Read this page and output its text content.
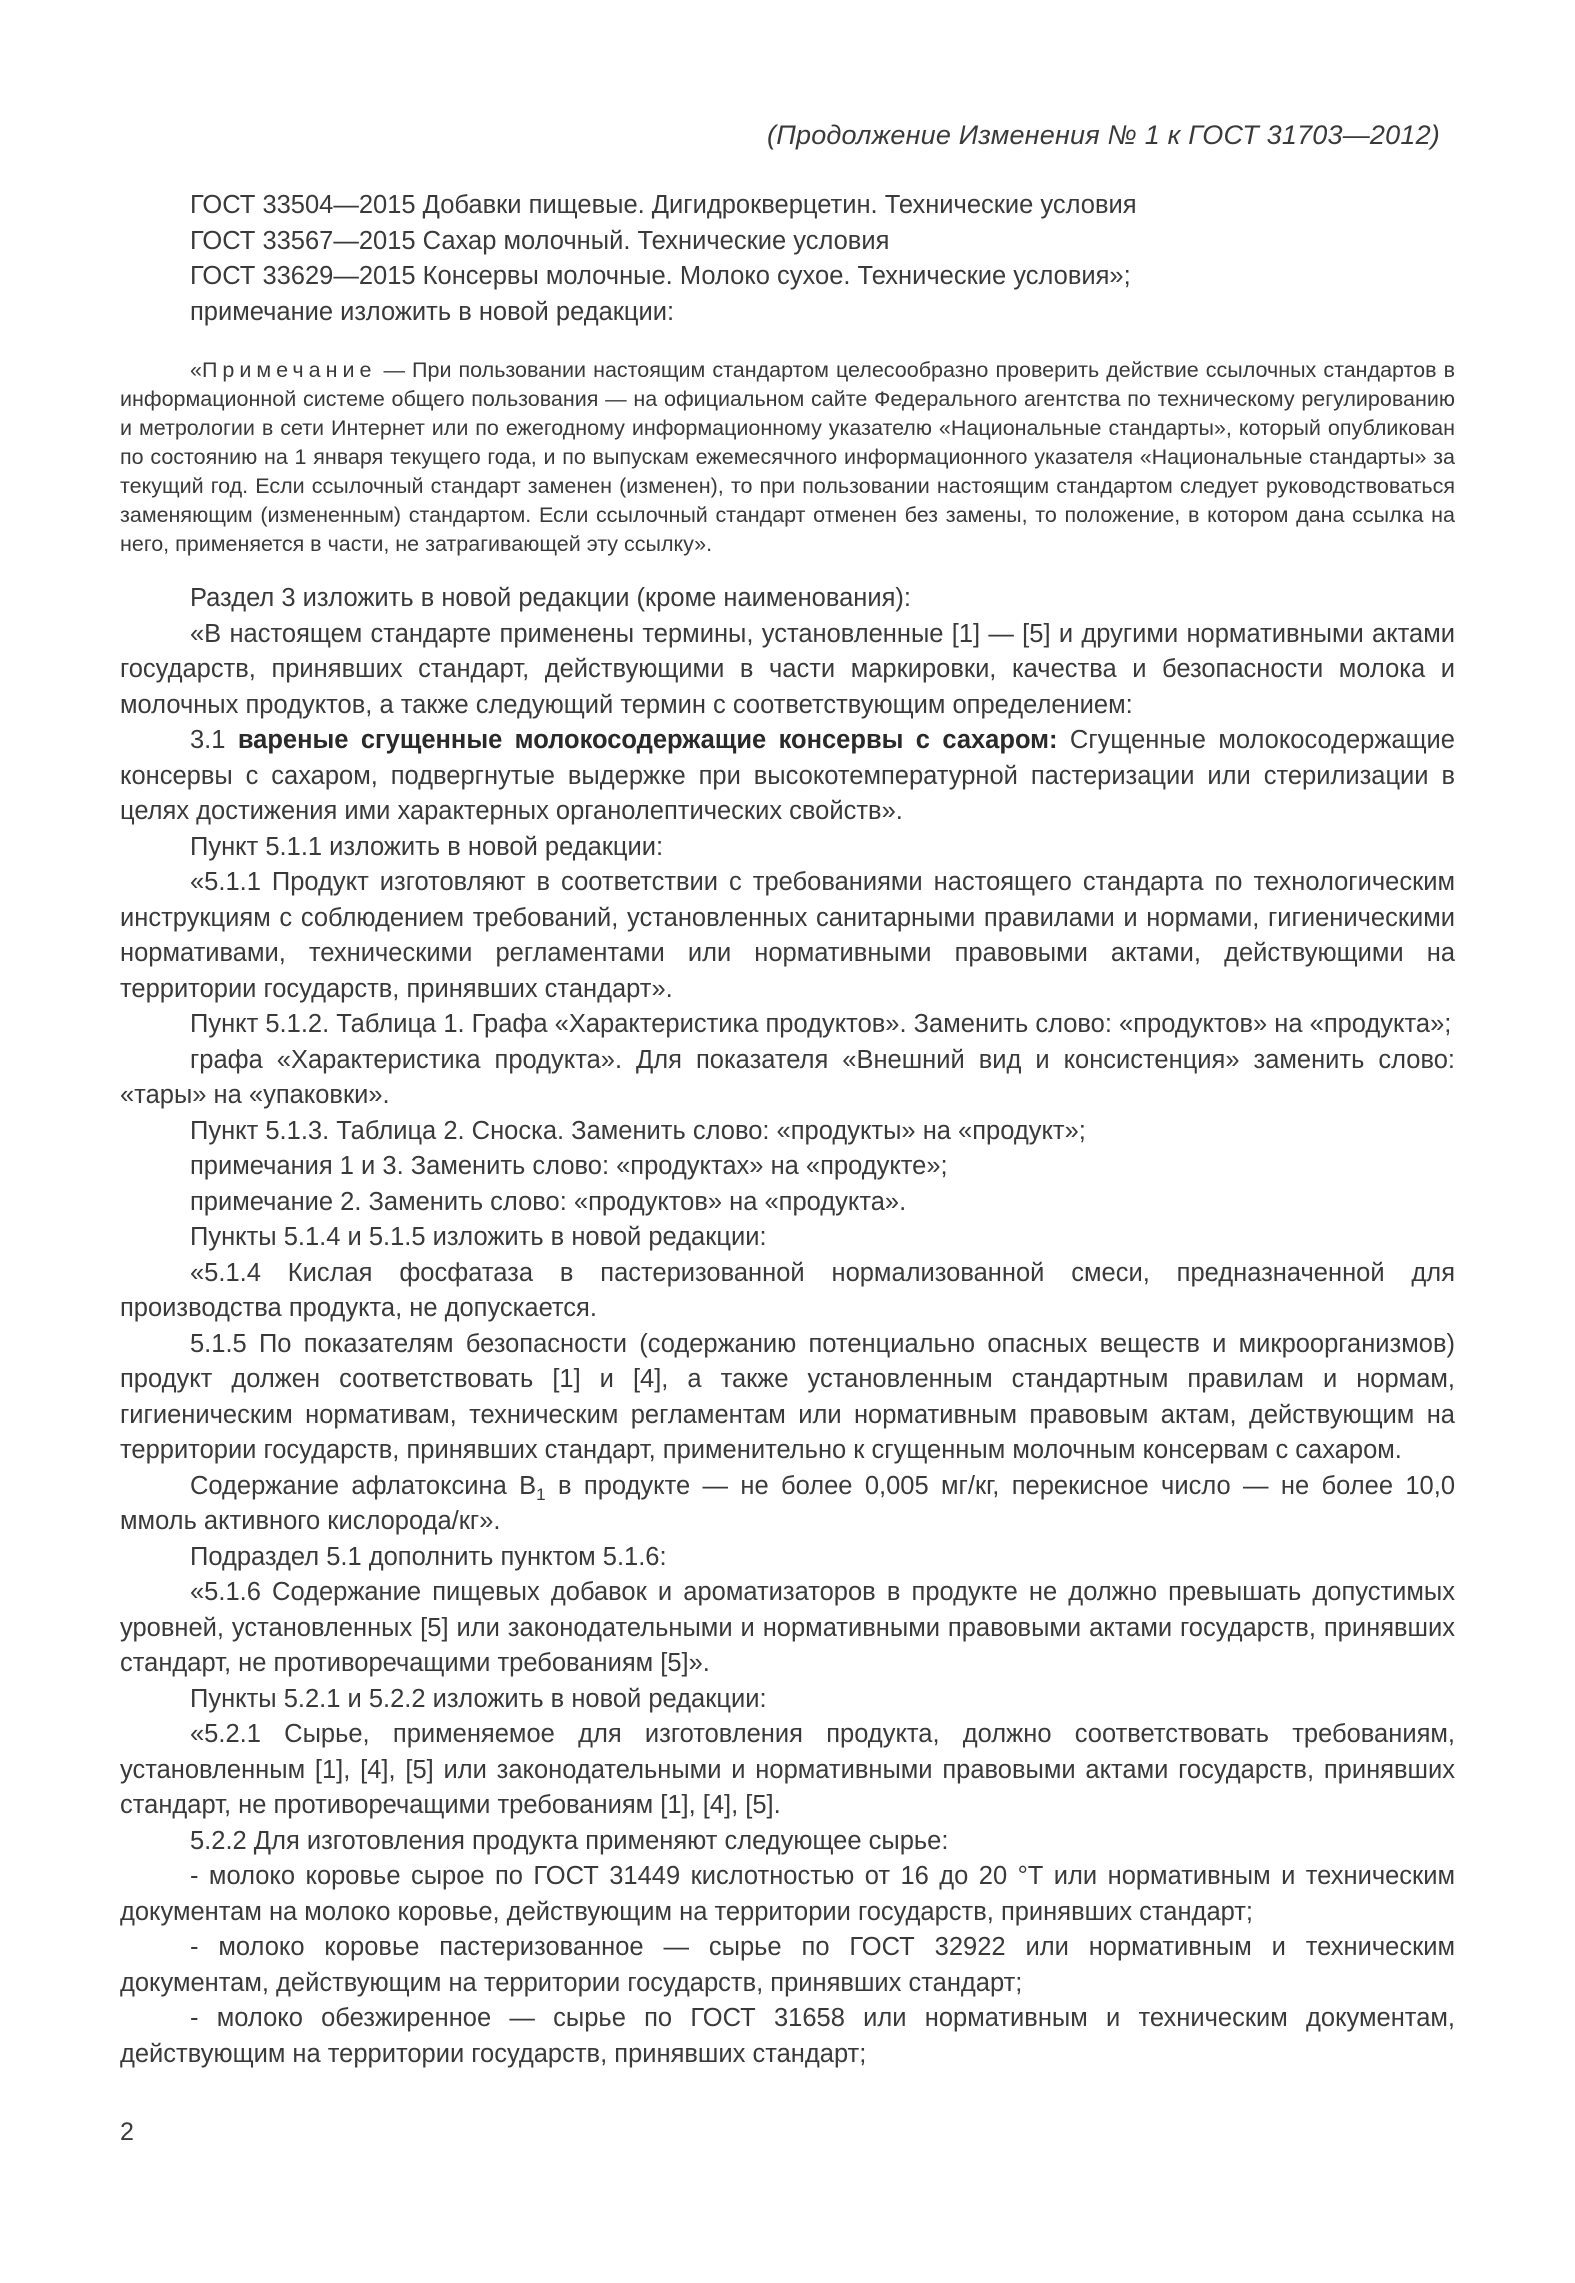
(Продолжение Изменения № 1 к ГОСТ 31703—2012)

ГОСТ 33504—2015 Добавки пищевые. Дигидрокверцетин. Технические условия

ГОСТ 33567—2015 Сахар молочный. Технические условия

ГОСТ 33629—2015 Консервы молочные. Молоко сухое. Технические условия»;

примечание изложить в новой редакции:

«Примечание — При пользовании настоящим стандартом целесообразно проверить действие ссылочных стандартов в информационной системе общего пользования — на официальном сайте Федерального агентства по техническому регулированию и метрологии в сети Интернет или по ежегодному информационному указателю «Национальные стандарты», который опубликован по состоянию на 1 января текущего года, и по выпускам ежемесячного информационного указателя «Национальные стандарты» за текущий год. Если ссылочный стандарт заменен (изменен), то при пользовании настоящим стандартом следует руководствоваться заменяющим (измененным) стандартом. Если ссылочный стандарт отменен без замены, то положение, в котором дана ссылка на него, применяется в части, не затрагивающей эту ссылку».

Раздел 3 изложить в новой редакции (кроме наименования):

«В настоящем стандарте применены термины, установленные [1] — [5] и другими нормативными актами государств, принявших стандарт, действующими в части маркировки, качества и безопасности молока и молочных продуктов, а также следующий термин с соответствующим определением:

3.1 вареные сгущенные молокосодержащие консервы с сахаром: Сгущенные молокосодержащие консервы с сахаром, подвергнутые выдержке при высокотемпературной пастеризации или стерилизации в целях достижения ими характерных органолептических свойств».

Пункт 5.1.1 изложить в новой редакции:

«5.1.1 Продукт изготовляют в соответствии с требованиями настоящего стандарта по технологическим инструкциям с соблюдением требований, установленных санитарными правилами и нормами, гигиеническими нормативами, техническими регламентами или нормативными правовыми актами, действующими на территории государств, принявших стандарт».

Пункт 5.1.2. Таблица 1. Графа «Характеристика продуктов». Заменить слово: «продуктов» на «продукта»;

графа «Характеристика продукта». Для показателя «Внешний вид и консистенция» заменить слово: «тары» на «упаковки».

Пункт 5.1.3. Таблица 2. Сноска. Заменить слово: «продукты» на «продукт»;

примечания 1 и 3. Заменить слово: «продуктах» на «продукте»;

примечание 2. Заменить слово: «продуктов» на «продукта».

Пункты 5.1.4 и 5.1.5 изложить в новой редакции:

«5.1.4 Кислая фосфатаза в пастеризованной нормализованной смеси, предназначенной для производства продукта, не допускается.

5.1.5 По показателям безопасности (содержанию потенциально опасных веществ и микроорганизмов) продукт должен соответствовать [1] и [4], а также установленным стандартным правилам и нормам, гигиеническим нормативам, техническим регламентам или нормативным правовым актам, действующим на территории государств, принявших стандарт, применительно к сгущенным молочным консервам с сахаром.

Содержание афлатоксина $В_1$ в продукте — не более 0,005 мг/кг, перекисное число — не более 10,0 ммоль активного кислорода/кг».

Подраздел 5.1 дополнить пунктом 5.1.6:

«5.1.6 Содержание пищевых добавок и ароматизаторов в продукте не должно превышать допустимых уровней, установленных [5] или законодательными и нормативными правовыми актами государств, принявших стандарт, не противоречащими требованиям [5]».

Пункты 5.2.1 и 5.2.2 изложить в новой редакции:

«5.2.1 Сырье, применяемое для изготовления продукта, должно соответствовать требованиям, установленным [1], [4], [5] или законодательными и нормативными правовыми актами государств, принявших стандарт, не противоречащими требованиям [1], [4], [5].

5.2.2 Для изготовления продукта применяют следующее сырье:

- молоко коровье сырое по ГОСТ 31449 кислотностью от 16 до 20 °Т или нормативным и техническим документам на молоко коровье, действующим на территории государств, принявших стандарт;

- молоко коровье пастеризованное — сырье по ГОСТ 32922 или нормативным и техническим документам, действующим на территории государств, принявших стандарт;

- молоко обезжиренное — сырье по ГОСТ 31658 или нормативным и техническим документам, действующим на территории государств, принявших стандарт;

2
